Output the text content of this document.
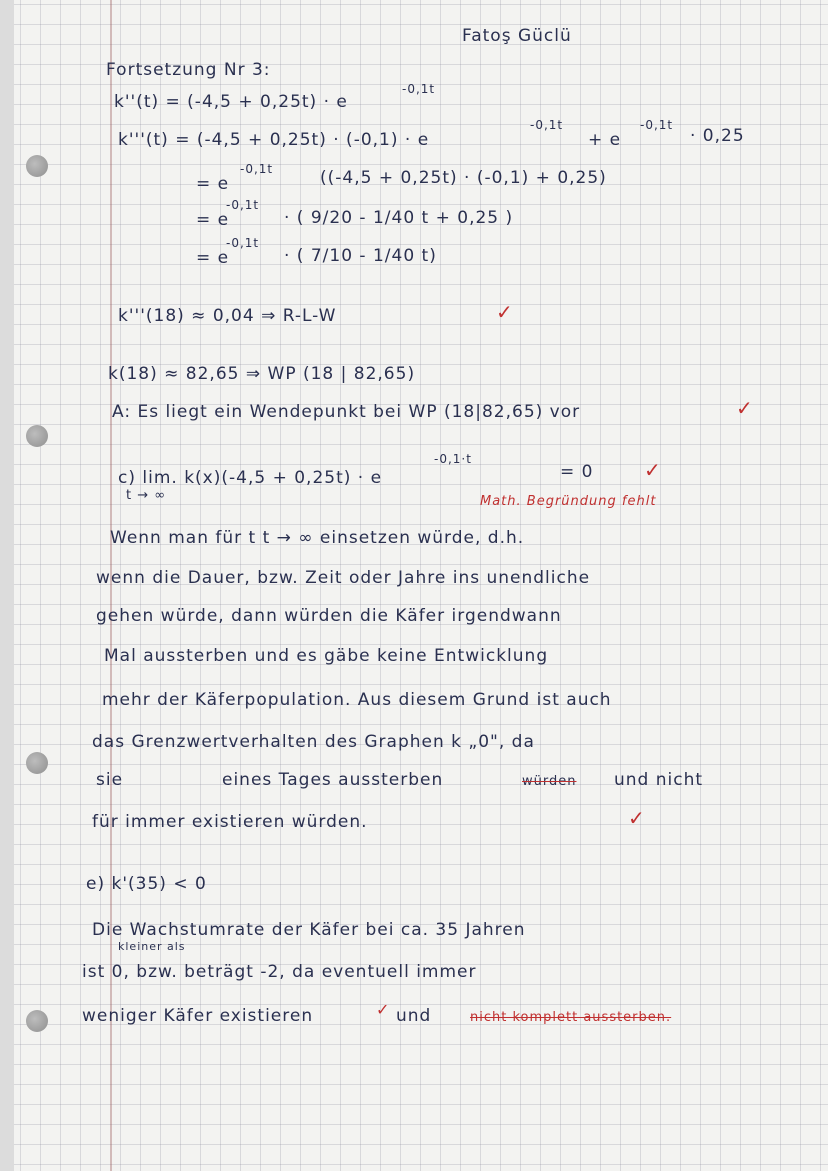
Fatoş Güclü
Fortsetzung Nr 3:
k''(t) = (-4,5 + 0,25t) · e
-0,1t
k'''(t) = (-4,5 + 0,25t) · (-0,1) · e
-0,1t
+ e
-0,1t
· 0,25
= e
-0,1t	((-4,5 + 0,25t) · (-0,1) + 0,25)
= e
-0,1t
· ( 9/20 - 1/40 t + 0,25 )
= e
-0,1t
· ( 7/10 - 1/40 t)
k'''(18) ≈ 0,04 ⇒ R-L-W	✓
k(18) ≈ 82,65 ⇒ WP (18 | 82,65)
A: Es liegt ein Wendepunkt bei WP (18|82,65) vor	✓
c) lim. k(x)(-4,5 + 0,25t) · e
-0,1·t
= 0	✓
t → ∞	Math. Begründung fehlt
Wenn man für t t → ∞ einsetzen würde, d.h.
wenn die Dauer, bzw. Zeit oder Jahre ins unendliche
gehen würde, dann würden die Käfer irgendwann
Mal aussterben und es gäbe keine Entwicklung
mehr der Käferpopulation. Aus diesem Grund ist auch
das Grenzwertverhalten des Graphen k „0", da
sie	eines Tages aussterben	würden und nicht
für immer existieren würden.	✓
e) k'(35) < 0
Die Wachstumrate der Käfer bei ca. 35 Jahren
kleiner als
ist 0, bzw. beträgt -2, da eventuell immer
weniger Käfer existieren	✓ und	nicht komplett aussterben.
